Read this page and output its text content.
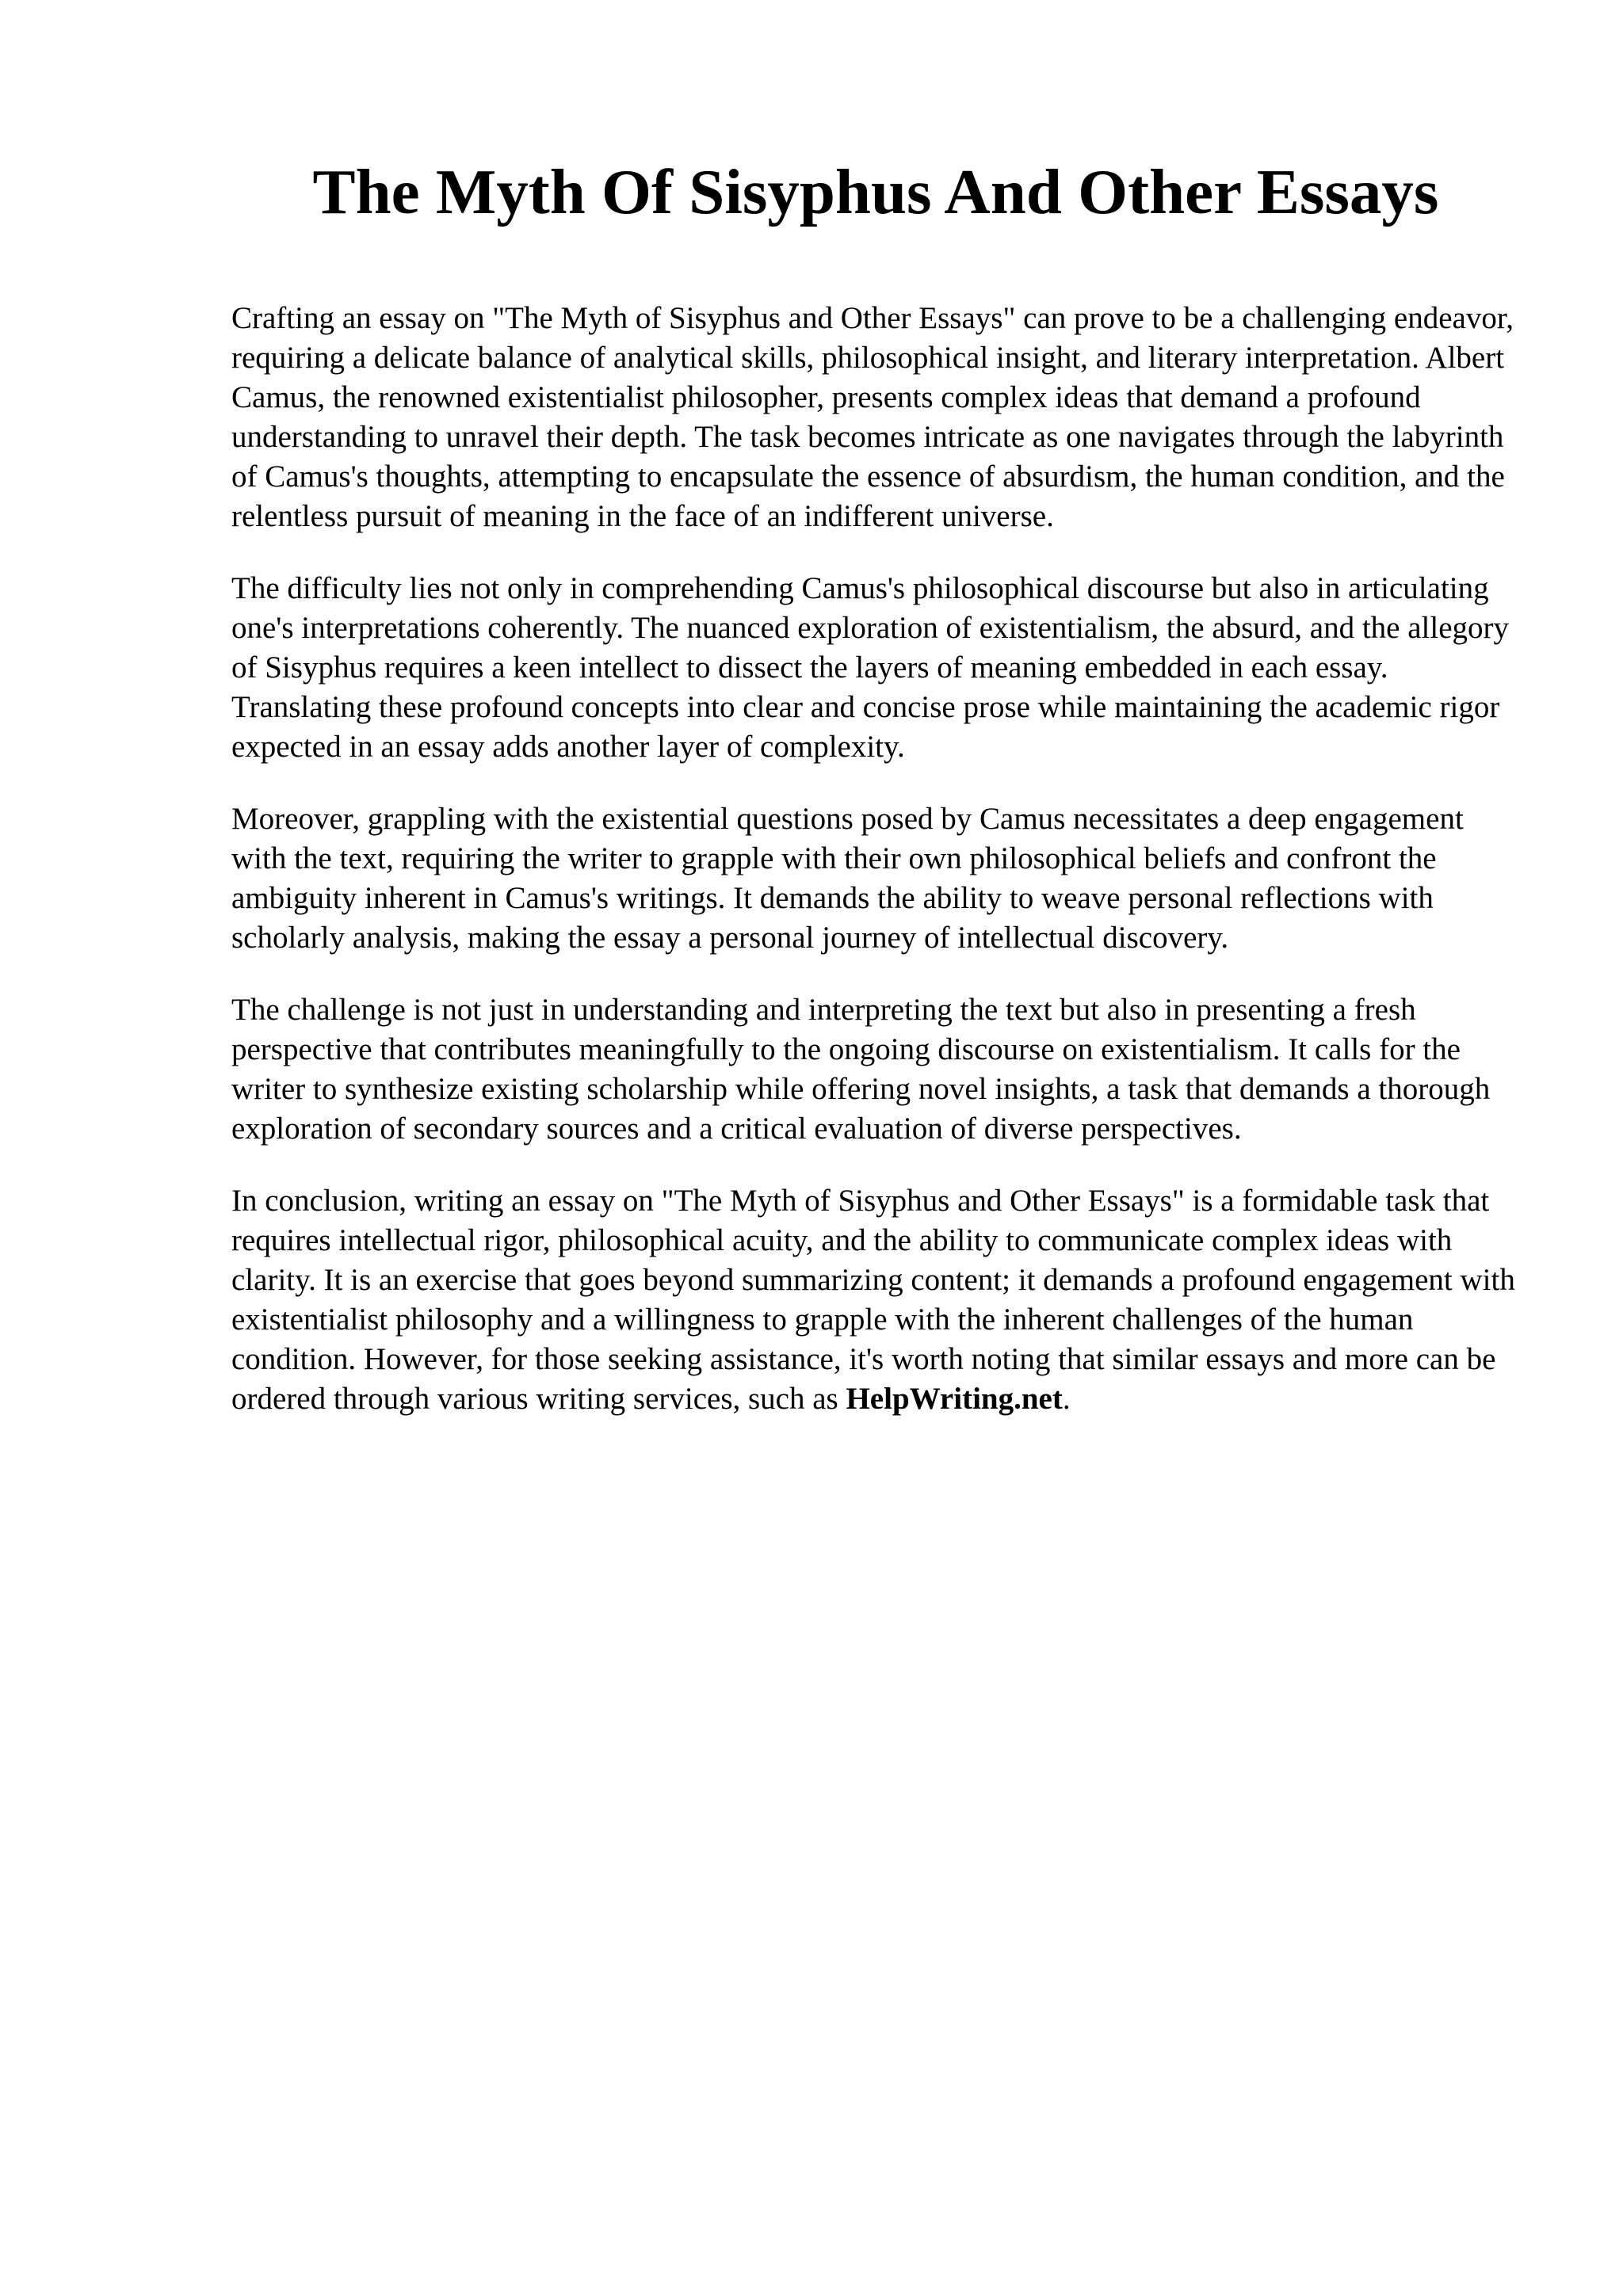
The Myth Of Sisyphus And Other Essays

Crafting an essay on "The Myth of Sisyphus and Other Essays" can prove to be a challenging endeavor, requiring a delicate balance of analytical skills, philosophical insight, and literary interpretation. Albert Camus, the renowned existentialist philosopher, presents complex ideas that demand a profound understanding to unravel their depth. The task becomes intricate as one navigates through the labyrinth of Camus's thoughts, attempting to encapsulate the essence of absurdism, the human condition, and the relentless pursuit of meaning in the face of an indifferent universe.

The difficulty lies not only in comprehending Camus's philosophical discourse but also in articulating one's interpretations coherently. The nuanced exploration of existentialism, the absurd, and the allegory of Sisyphus requires a keen intellect to dissect the layers of meaning embedded in each essay. Translating these profound concepts into clear and concise prose while maintaining the academic rigor expected in an essay adds another layer of complexity.

Moreover, grappling with the existential questions posed by Camus necessitates a deep engagement with the text, requiring the writer to grapple with their own philosophical beliefs and confront the ambiguity inherent in Camus's writings. It demands the ability to weave personal reflections with scholarly analysis, making the essay a personal journey of intellectual discovery.

The challenge is not just in understanding and interpreting the text but also in presenting a fresh perspective that contributes meaningfully to the ongoing discourse on existentialism. It calls for the writer to synthesize existing scholarship while offering novel insights, a task that demands a thorough exploration of secondary sources and a critical evaluation of diverse perspectives.

In conclusion, writing an essay on "The Myth of Sisyphus and Other Essays" is a formidable task that requires intellectual rigor, philosophical acuity, and the ability to communicate complex ideas with clarity. It is an exercise that goes beyond summarizing content; it demands a profound engagement with existentialist philosophy and a willingness to grapple with the inherent challenges of the human condition. However, for those seeking assistance, it's worth noting that similar essays and more can be ordered through various writing services, such as HelpWriting.net.
